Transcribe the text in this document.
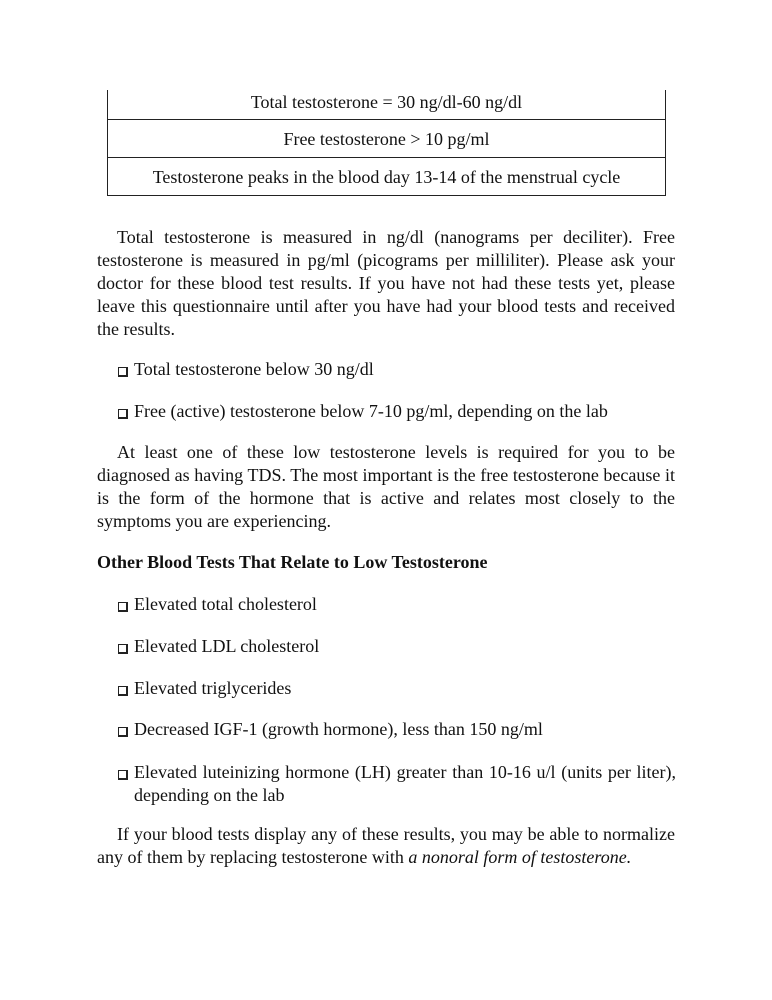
Total testosterone = 30 ng/dl-60 ng/dl
Free testosterone > 10 pg/ml
Testosterone peaks in the blood day 13-14 of the menstrual cycle

Total testosterone is measured in ng/dl (nanograms per deciliter). Free testosterone is measured in pg/ml (picograms per milliliter). Please ask your doctor for these blood test results. If you have not had these tests yet, please leave this questionnaire until after you have had your blood tests and received the results.

Total testosterone below 30 ng/dl
Free (active) testosterone below 7-10 pg/ml, depending on the lab

At least one of these low testosterone levels is required for you to be diagnosed as having TDS. The most important is the free testosterone because it is the form of the hormone that is active and relates most closely to the symptoms you are experiencing.

Other Blood Tests That Relate to Low Testosterone
Elevated total cholesterol
Elevated LDL cholesterol
Elevated triglycerides
Decreased IGF-1 (growth hormone), less than 150 ng/ml
Elevated luteinizing hormone (LH) greater than 10-16 u/l (units per liter), depending on the lab

If your blood tests display any of these results, you may be able to normalize any of them by replacing testosterone with a nonoral form of testosterone.
